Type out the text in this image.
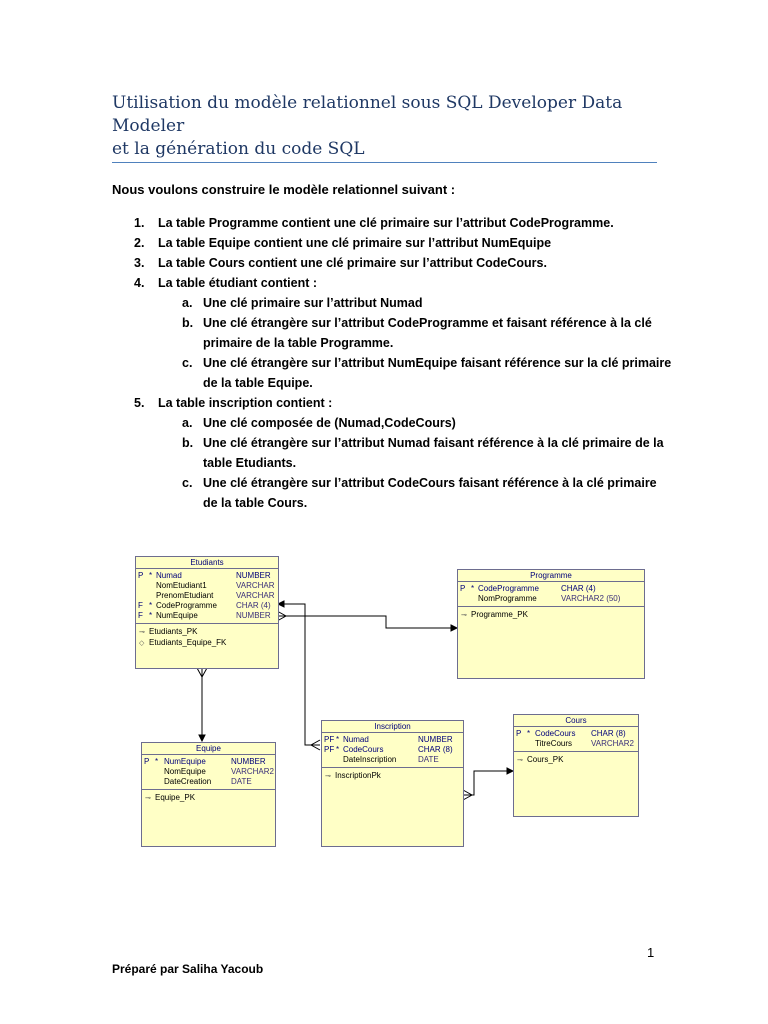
Utilisation du modèle relationnel sous SQL Developer Data Modeler
et la génération du code SQL
Nous voulons construire le modèle relationnel suivant :
1. La table Programme contient une clé primaire sur l’attribut CodeProgramme.
2. La table Equipe contient une clé primaire sur l’attribut NumEquipe
3. La table Cours contient une clé primaire sur l’attribut CodeCours.
4. La table étudiant contient :
a. Une clé primaire sur l’attribut Numad
b. Une clé étrangère sur l’attribut CodeProgramme et faisant référence à la clé primaire de la table Programme.
c. Une clé étrangère sur l’attribut NumEquipe faisant référence sur la clé primaire de la table Equipe.
5. La table inscription contient :
a. Une clé composée de (Numad,CodeCours)
b. Une clé étrangère sur l’attribut Numad faisant référence à la clé primaire de la table Etudiants.
c. Une clé étrangère sur l’attribut CodeCours faisant référence à la clé primaire de la table Cours.
Etudiants
P * Numad	NUMBER
NomEtudiant1	VARCHAR
PrenomEtudiant	VARCHAR
F * CodeProgramme CHAR (4)
F * NumEquipe	NUMBER
⊸ Etudiants_PK
◇ Etudiants_Equipe_FK
Programme
P * CodeProgramme	CHAR (4)
NomProgramme	VARCHAR2 (50)
⊸ Programme_PK
Equipe
P * NumEquipe	NUMBER
NomEquipe	VARCHAR2
DateCreation DATE
⊸ Equipe_PK
Inscription
PF * Numad	NUMBER
PF * CodeCours	CHAR (8)
DateInscription	DATE
⊸ InscriptionPk
Cours
P * CodeCours CHAR (8)
TitreCours VARCHAR2
⊸ Cours_PK
1
Préparé par Saliha Yacoub
